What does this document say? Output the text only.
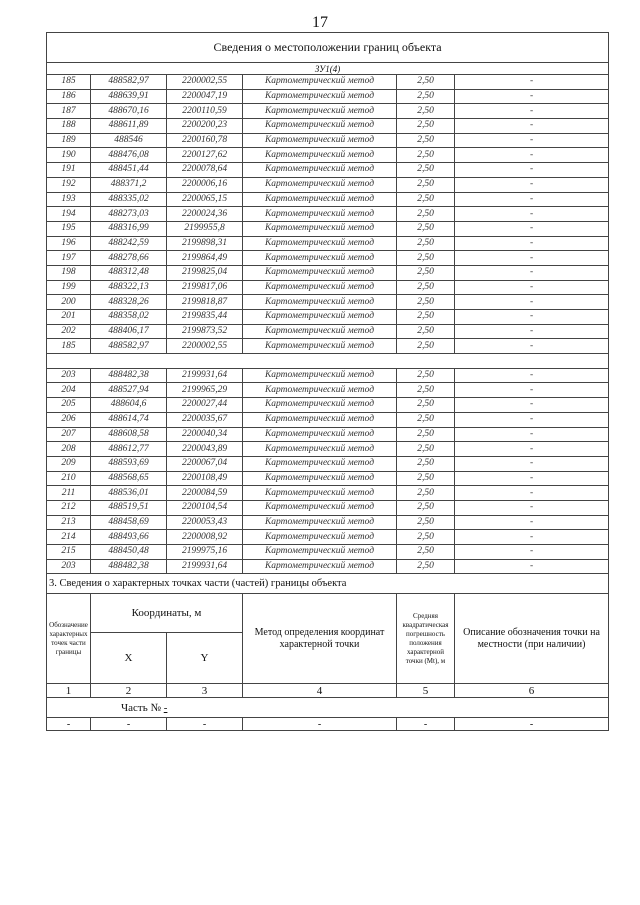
17
Сведения о местоположении границ объекта					
ЗУ1(4)					
185	488582,97	2200002,55	Картометрический метод	2,50	-
186	488639,91	2200047,19	Картометрический метод	2,50	-
187	488670,16	2200110,59	Картометрический метод	2,50	-
188	488611,89	2200200,23	Картометрический метод	2,50	-
189	488546	2200160,78	Картометрический метод	2,50	-
190	488476,08	2200127,62	Картометрический метод	2,50	-
191	488451,44	2200078,64	Картометрический метод	2,50	-
192	488371,2	2200006,16	Картометрический метод	2,50	-
193	488335,02	2200065,15	Картометрический метод	2,50	-
194	488273,03	2200024,36	Картометрический метод	2,50	-
195	488316,99	2199955,8	Картометрический метод	2,50	-
196	488242,59	2199898,31	Картометрический метод	2,50	-
197	488278,66	2199864,49	Картометрический метод	2,50	-
198	488312,48	2199825,04	Картометрический метод	2,50	-
199	488322,13	2199817,06	Картометрический метод	2,50	-
200	488328,26	2199818,87	Картометрический метод	2,50	-
201	488358,02	2199835,44	Картометрический метод	2,50	-
202	488406,17	2199873,52	Картометрический метод	2,50	-
185	488582,97	2200002,55	Картометрический метод	2,50	-

203	488482,38	2199931,64	Картометрический метод	2,50	-
204	488527,94	2199965,29	Картометрический метод	2,50	-
205	488604,6	2200027,44	Картометрический метод	2,50	-
206	488614,74	2200035,67	Картометрический метод	2,50	-
207	488608,58	2200040,34	Картометрический метод	2,50	-
208	488612,77	2200043,89	Картометрический метод	2,50	-
209	488593,69	2200067,04	Картометрический метод	2,50	-
210	488568,65	2200108,49	Картометрический метод	2,50	-
211	488536,01	2200084,59	Картометрический метод	2,50	-
212	488519,51	2200104,54	Картометрический метод	2,50	-
213	488458,69	2200053,43	Картометрический метод	2,50	-
214	488493,66	2200008,92	Картометрический метод	2,50	-
215	488450,48	2199975,16	Картометрический метод	2,50	-
203	488482,38	2199931,64	Картометрический метод	2,50	-
3. Сведения о характерных точках части (частей) границы объекта					
Обозначение характерных точек части границы	Координаты, м		Метод определения координат характерной точки	Средняя квадратическая погрешность положения характерной точки (Mt), м	Описание обозначения точки на местности (при наличии)
	X	Y			
1	2	3	4	5	6
Часть № -					
-	-	-	-	-	-
